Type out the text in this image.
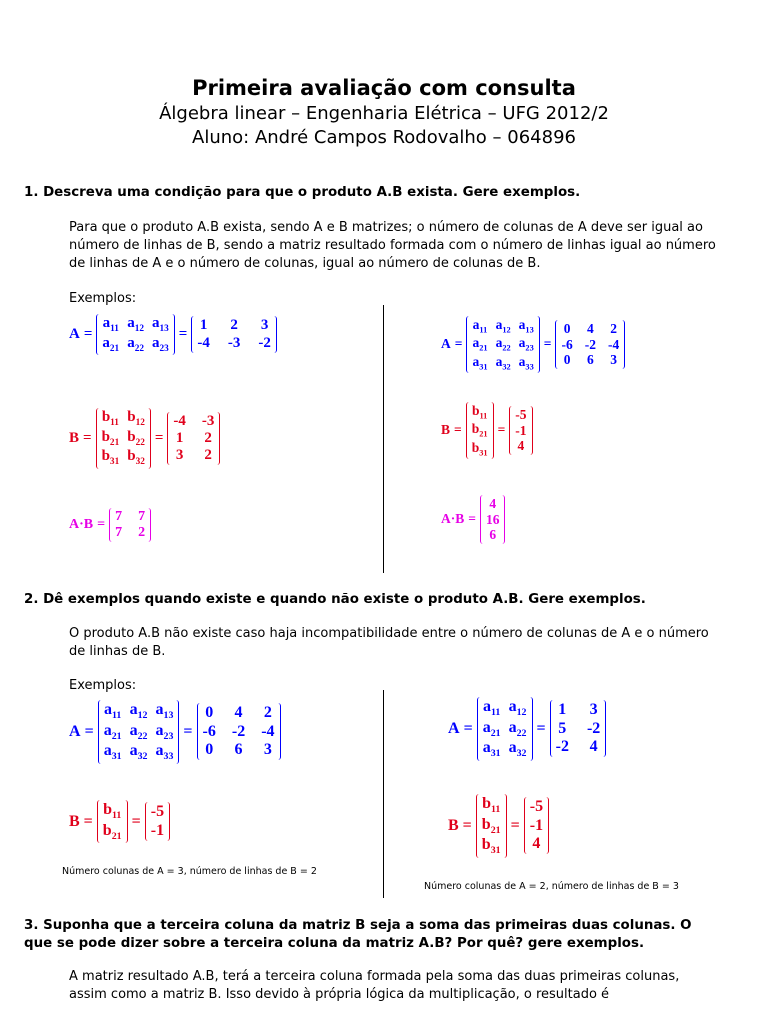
Primeira avaliação com consulta
Álgebra linear – Engenharia Elétrica – UFG 2012/2
Aluno: André Campos Rodovalho – 064896
1. Descreva uma condição para que o produto A.B exista. Gere exemplos.
Para que o produto A.B exista, sendo A e B matrizes; o número de colunas de A deve ser igual ao número de linhas de B, sendo a matriz resultado formada com o número de linhas igual ao número de linhas de A e o número de colunas, igual ao número de colunas de B.
Exemplos:
A =
$a_{11}$ $a_{12}$ $a_{13}$
$a_{21}$ $a_{22}$ $a_{23}$
=
1 2 3
-4 -3 -2
B =
$b_{11}$ $b_{12}$
$b_{21}$ $b_{22}$
$b_{31}$ $b_{32}$
=
-4 -3
1 2
3 2
A·B =
7 7
7 2
A =
$a_{11}$ $a_{12}$ $a_{13}$
$a_{21}$ $a_{22}$ $a_{23}$
$a_{31}$ $a_{32}$ $a_{33}$
=
0 4 2
-6 -2 -4
0 6 3
B =
$b_{11}$
$b_{21}$
$b_{31}$
=
-5
-1
4
A·B =
4
16
6
2. Dê exemplos quando existe e quando não existe o produto A.B. Gere exemplos.
O produto A.B não existe caso haja incompatibilidade entre o número de colunas de A e o número de linhas de B.
Exemplos:
A =
$a_{11}$ $a_{12}$ $a_{13}$
$a_{21}$ $a_{22}$ $a_{23}$
$a_{31}$ $a_{32}$ $a_{33}$
=
0 4 2
-6 -2 -4
0 6 3
B =
$b_{11}$
$b_{21}$
=
-5
-1
Número colunas de A = 3, número de linhas de B = 2
A =
$a_{11}$ $a_{12}$
$a_{21}$ $a_{22}$
$a_{31}$ $a_{32}$
=
1 3
5 -2
-2 4
B =
$b_{11}$
$b_{21}$
$b_{31}$
=
-5
-1
4
Número colunas de A = 2, número de linhas de B = 3
3. Suponha que a terceira coluna da matriz B seja a soma das primeiras duas colunas. O
que se pode dizer sobre a terceira coluna da matriz A.B? Por quê? gere exemplos.
A matriz resultado A.B, terá a terceira coluna formada pela soma das duas primeiras colunas,
assim como a matriz B. Isso devido à própria lógica da multiplicação, o resultado é
